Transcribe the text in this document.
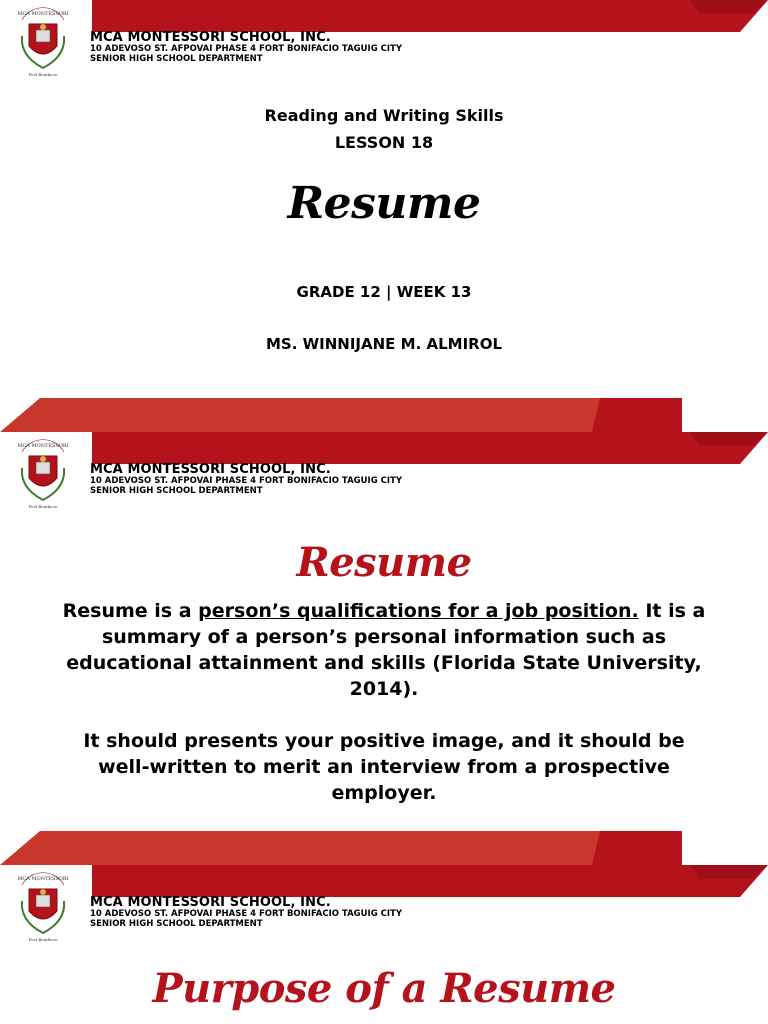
MCA MONTESSORI
Fort Bonifacio
MCA MONTESSORI SCHOOL, INC.
10 ADEVOSO ST. AFPOVAI PHASE 4 FORT BONIFACIO TAGUIG CITY
SENIOR HIGH SCHOOL DEPARTMENT
Reading and Writing Skills
LESSON 18
Resume
GRADE 12 | WEEK 13
MS. WINNIJANE M. ALMIROL
MCA MONTESSORI
Fort Bonifacio
MCA MONTESSORI SCHOOL, INC.
10 ADEVOSO ST. AFPOVAI PHASE 4 FORT BONIFACIO TAGUIG CITY
SENIOR HIGH SCHOOL DEPARTMENT
Resume
Resume is a person’s qualifications for a job position. It is a summary of a person’s personal information such as educational attainment and skills (Florida State University, 2014).
It should presents your positive image, and it should be well-written to merit an interview from a prospective employer.
MCA MONTESSORI
Fort Bonifacio
MCA MONTESSORI SCHOOL, INC.
10 ADEVOSO ST. AFPOVAI PHASE 4 FORT BONIFACIO TAGUIG CITY
SENIOR HIGH SCHOOL DEPARTMENT
Purpose of a Resume
